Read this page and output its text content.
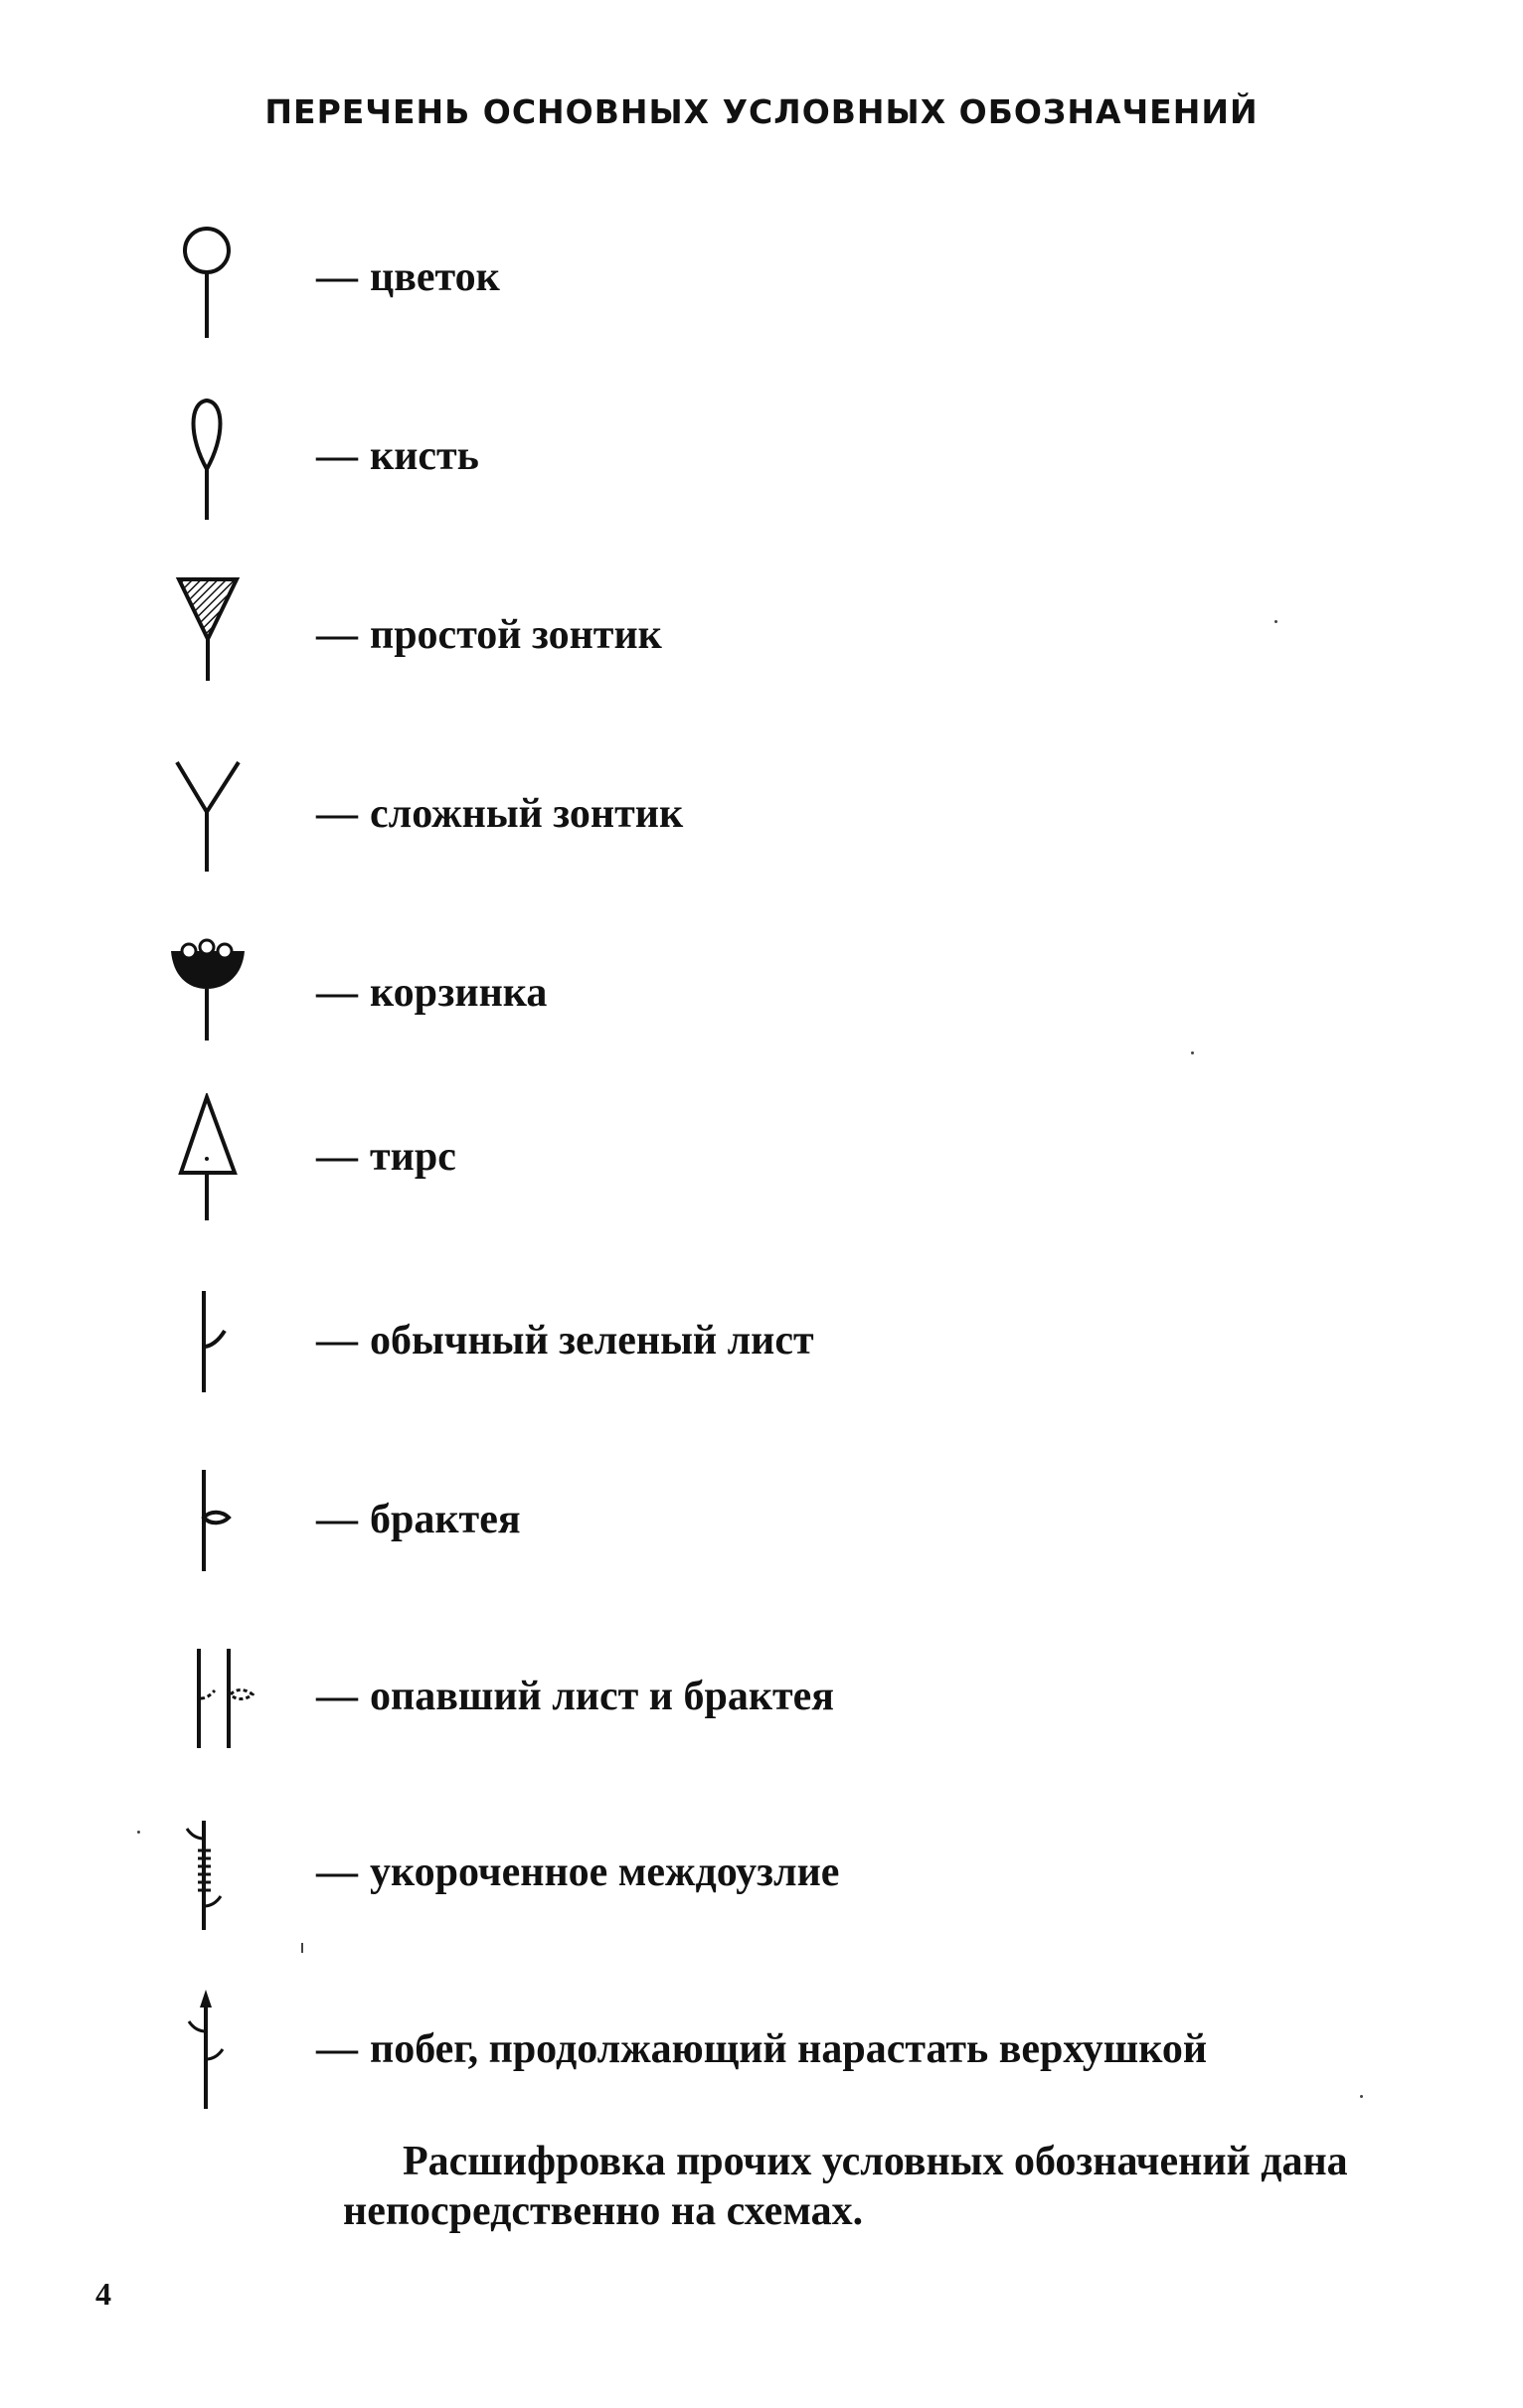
ПЕРЕЧЕНЬ ОСНОВНЫХ УСЛОВНЫХ ОБОЗНАЧЕНИЙ
— цветок
— кисть
— простой зонтик
— сложный зонтик
— корзинка
— тирс
— обычный зеленый лист
— брактея
— опавший лист и брактея
— укороченное междоузлие
— побег, продолжающий нарастать верхушкой
Расшифровка прочих условных обозначений дана непосредственно на схемах.
4
